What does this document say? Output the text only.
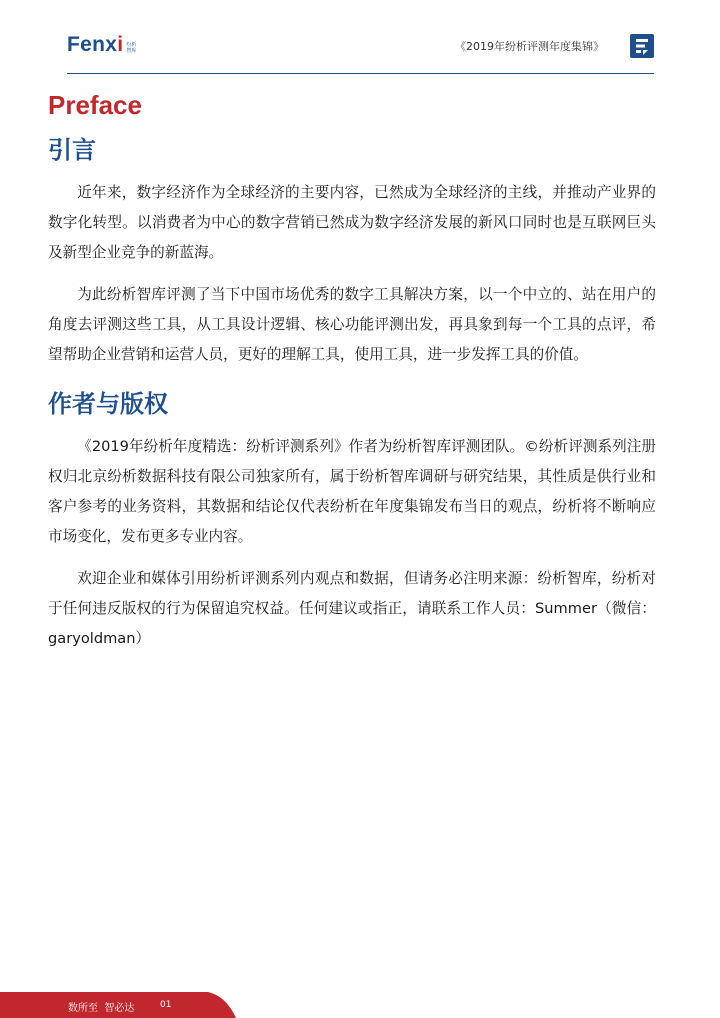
Fenxi 纷析
智库	《2019年纷析评测年度集锦》
Preface
引言

近年来，数字经济作为全球经济的主要内容，已然成为全球经济的主线，并推动产业界的数字化转型。以消费者为中心的数字营销已然成为数字经济发展的新风口同时也是互联网巨头及新型企业竞争的新蓝海。

为此纷析智库评测了当下中国市场优秀的数字工具解决方案，以一个中立的、站在用户的角度去评测这些工具，从工具设计逻辑、核心功能评测出发，再具象到每一个工具的点评，希望帮助企业营销和运营人员，更好的理解工具，使用工具，进一步发挥工具的价值。

作者与版权

《2019年纷析年度精选：纷析评测系列》作者为纷析智库评测团队。©纷析评测系列注册权归北京纷析数据科技有限公司独家所有，属于纷析智库调研与研究结果，其性质是供行业和客户参考的业务资料，其数据和结论仅代表纷析在年度集锦发布当日的观点，纷析将不断响应市场变化，发布更多专业内容。

欢迎企业和媒体引用纷析评测系列内观点和数据，但请务必注明来源：纷析智库，纷析对于任何违反版权的行为保留追究权益。任何建议或指正，请联系工作人员：Summer（微信：garyoldman）

数所至  智必达	01
